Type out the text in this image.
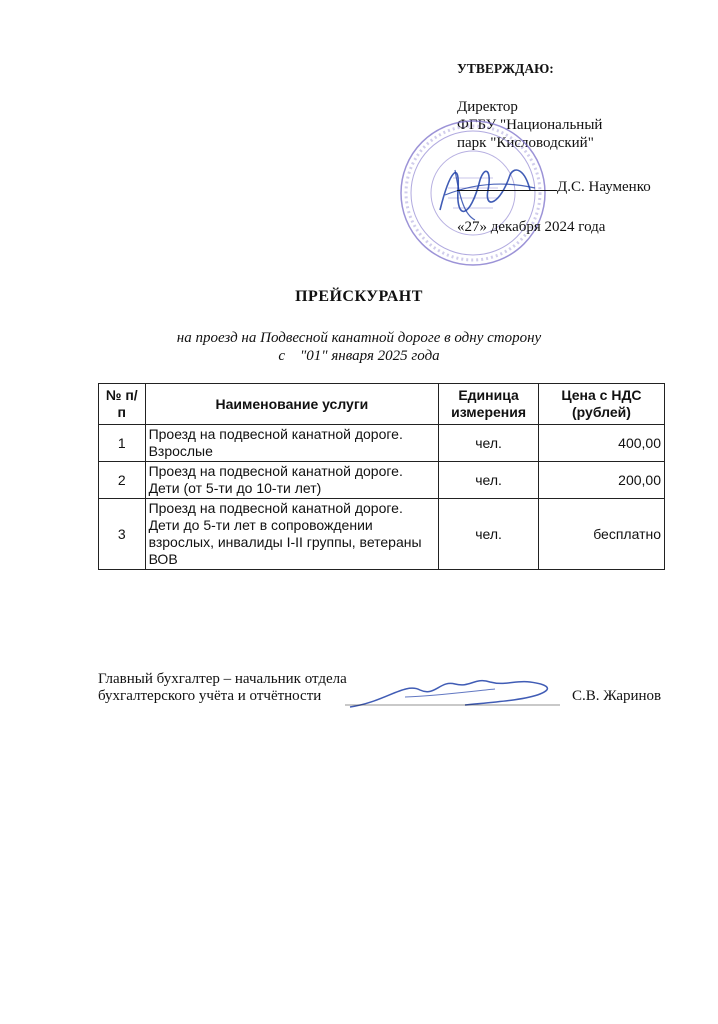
УТВЕРЖДАЮ:
Директор
ФГБУ "Национальный
парк "Кисловодский"
Д.С. Науменко
«27» декабря 2024 года
ПРЕЙСКУРАНТ
на проезд на Подвесной канатной дороге в одну сторону
с    "01" января 2025 года
№ п/п	Наименование услуги	Единица измерения	Цена с НДС (рублей)
1	Проезд на подвесной канатной дороге. Взрослые	чел.	400,00
2	Проезд на подвесной канатной дороге. Дети (от 5-ти до 10-ти лет)	чел.	200,00
3	Проезд на подвесной канатной дороге. Дети до 5-ти лет в сопровождении взрослых, инвалиды I-II группы, ветераны ВОВ	чел.	бесплатно
Главный бухгалтер – начальник отдела
бухгалтерского учёта и отчётности	С.В. Жаринов
